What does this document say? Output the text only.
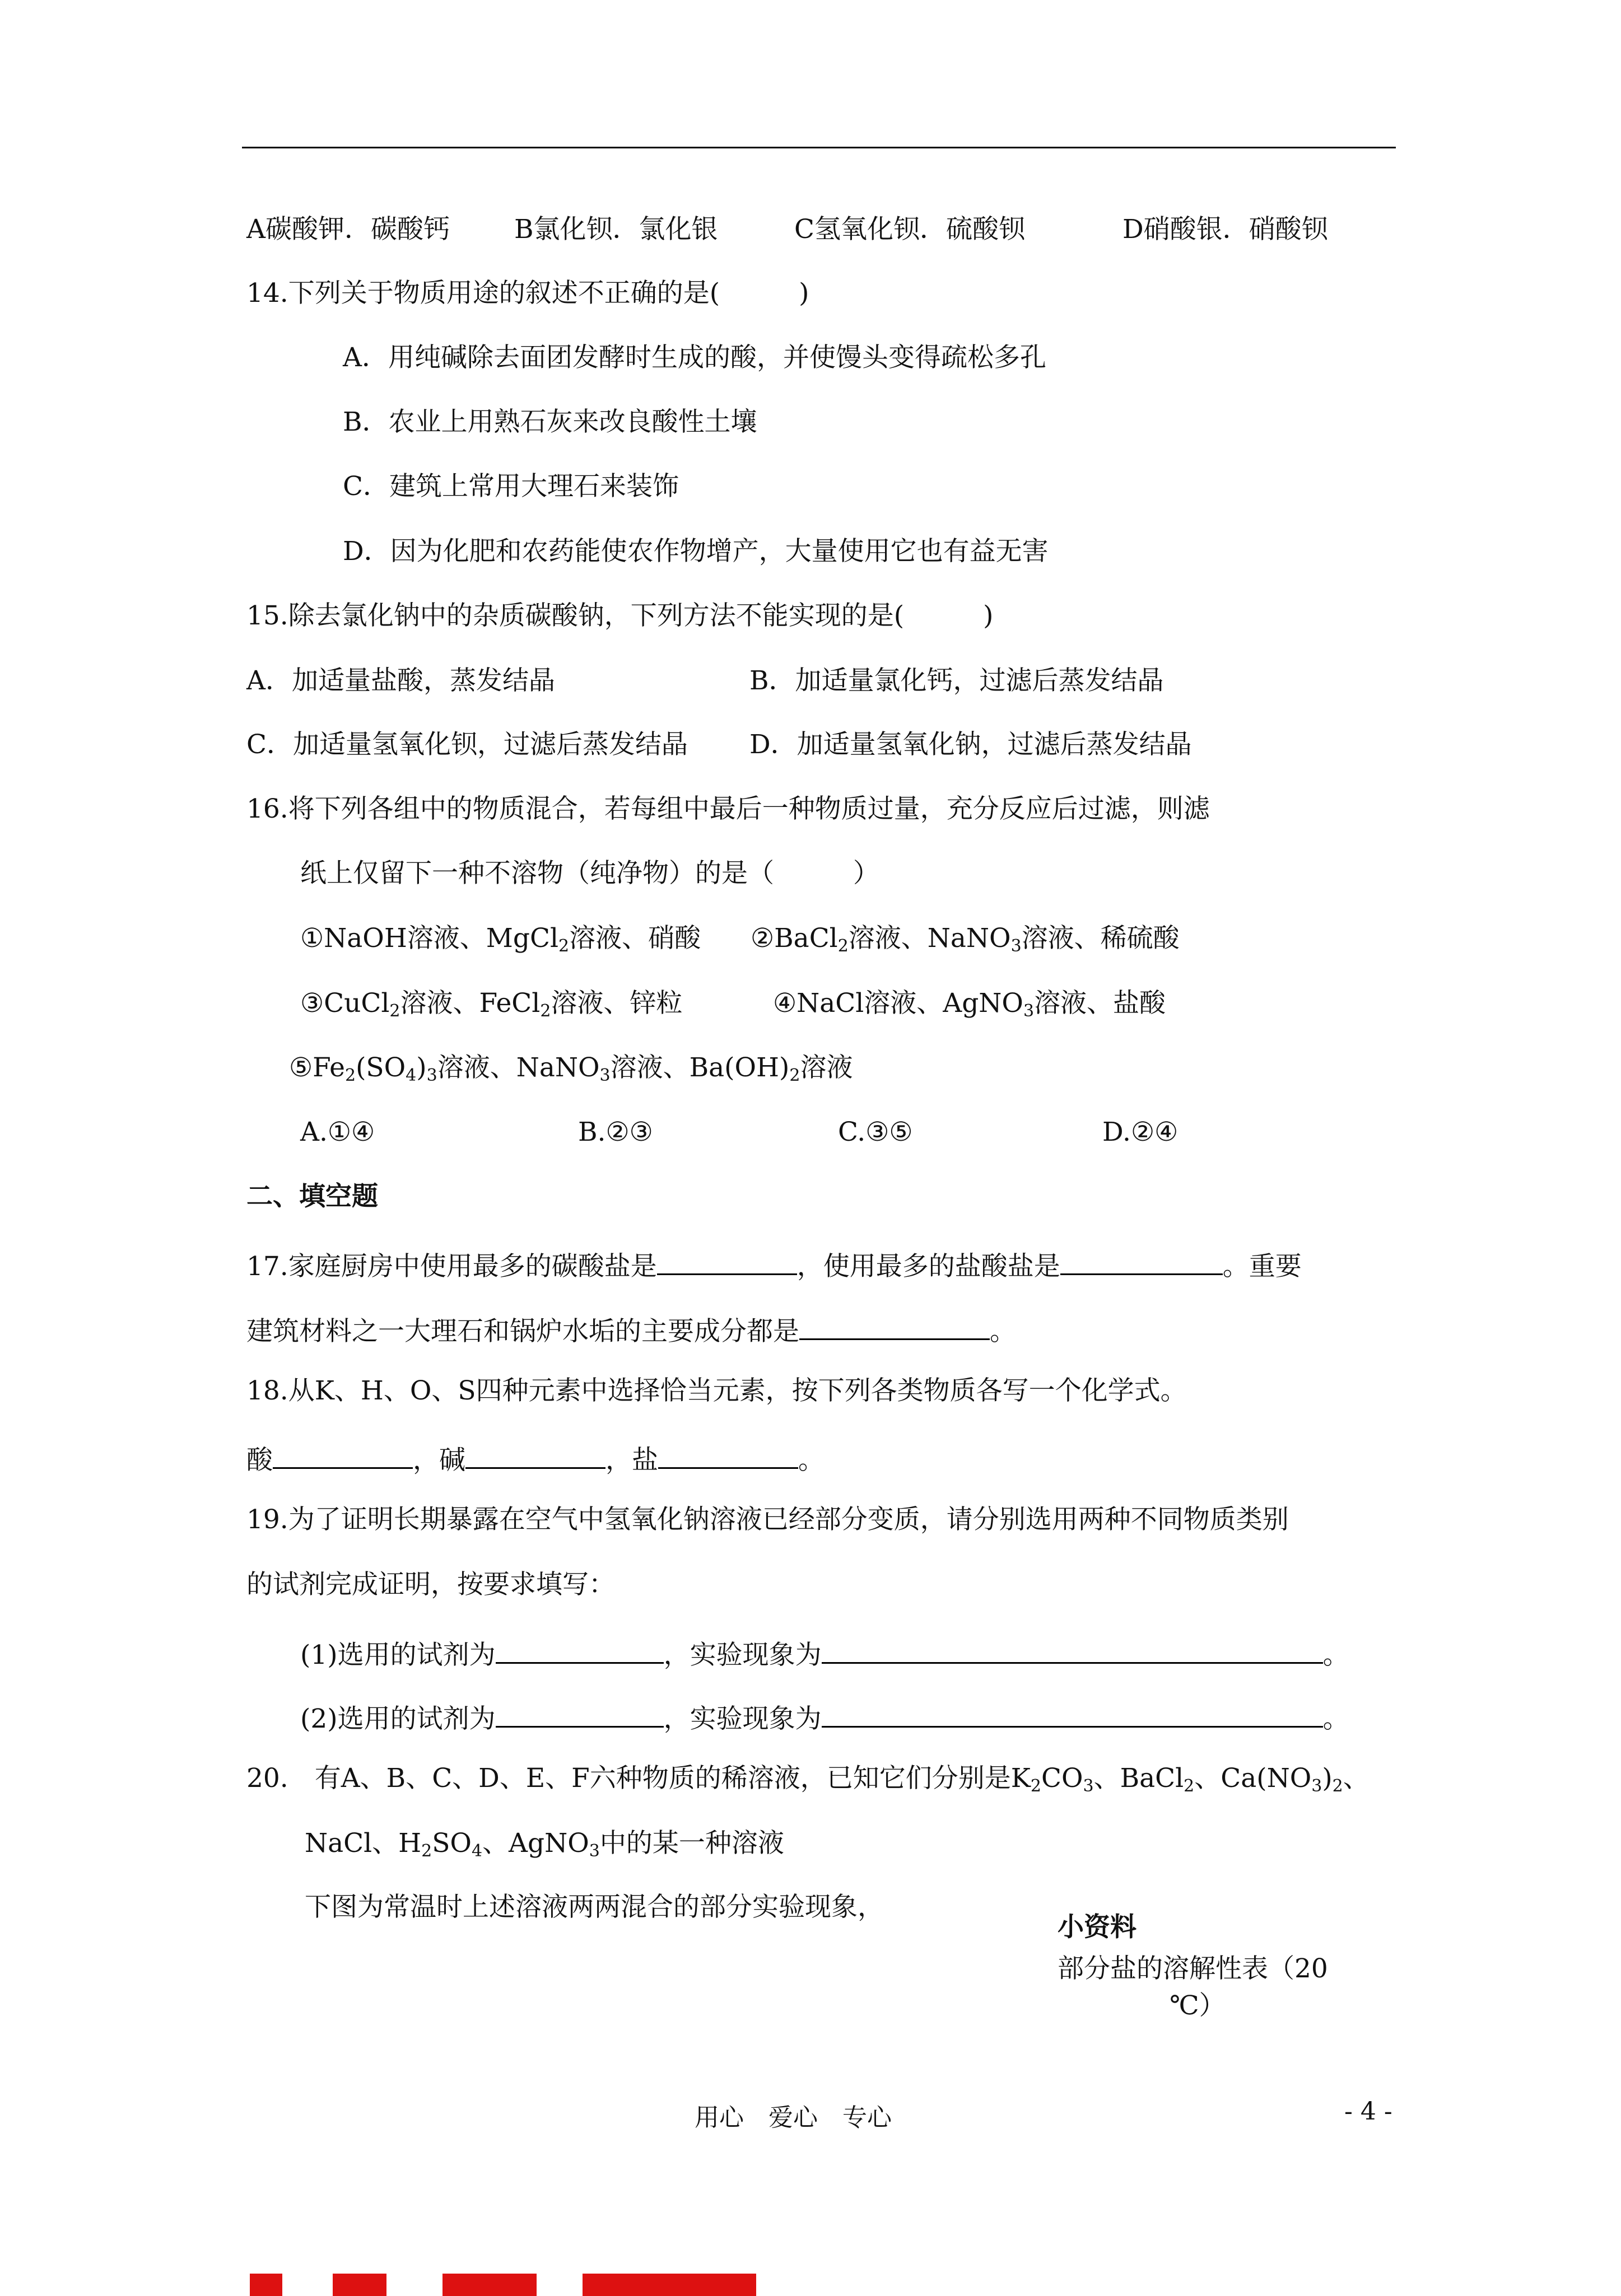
A碳酸钾．碳酸钙 B氯化钡．氯化银	C氢氧化钡．硫酸钡	D硝酸银．硝酸钡
14.下列关于物质用途的叙述不正确的是(　　　)
A．用纯碱除去面团发酵时生成的酸，并使馒头变得疏松多孔
B．农业上用熟石灰来改良酸性土壤
C．建筑上常用大理石来装饰
D．因为化肥和农药能使农作物增产，大量使用它也有益无害
15.除去氯化钠中的杂质碳酸钠，下列方法不能实现的是(　　　)
A．加适量盐酸，蒸发结晶	B．加适量氯化钙，过滤后蒸发结晶
C．加适量氢氧化钡，过滤后蒸发结晶 D．加适量氢氧化钠，过滤后蒸发结晶
16.将下列各组中的物质混合，若每组中最后一种物质过量，充分反应后过滤，则滤
纸上仅留下一种不溶物（纯净物）的是（　　　）
①NaOH溶液、MgCl$_2$溶液、硝酸 ②BaCl$_2$溶液、NaNO$_3$溶液、稀硫酸
③CuCl$_2$溶液、FeCl$_2$溶液、锌粒	④NaCl溶液、AgNO$_3$溶液、盐酸
$⑤Fe_2(SO_4)_3$溶液、NaNO$_3$溶液、$Ba(OH)_2$溶液
A.①④	B.②③	C.③⑤	D.②④
二、填空题
17.家庭厨房中使用最多的碳酸盐是	，使用最多的盐酸盐是	。重要
建筑材料之一大理石和锅炉水垢的主要成分都是	。
18.从K、H、O、S四种元素中选择恰当元素，按下列各类物质各写一个化学式。
酸	，碱	，盐	。
19.为了证明长期暴露在空气中氢氧化钠溶液已经部分变质，请分别选用两种不同物质类别
的试剂完成证明，按要求填写：
(1)选用的试剂为	，实验现象为	。
(2)选用的试剂为	，实验现象为	。
20.　有A、B、C、D、E、F六种物质的稀溶液，已知它们分别是$K_2CO_3$、BaCl$_2$、$Ca(NO_3)_2$、
NaCl、$H_2SO_4$、AgNO$_3$中的某一种溶液
下图为常温时上述溶液两两混合的部分实验现象，
小资料
部分盐的溶解性表（20
℃）
用心　爱心　专心	- 4 -
